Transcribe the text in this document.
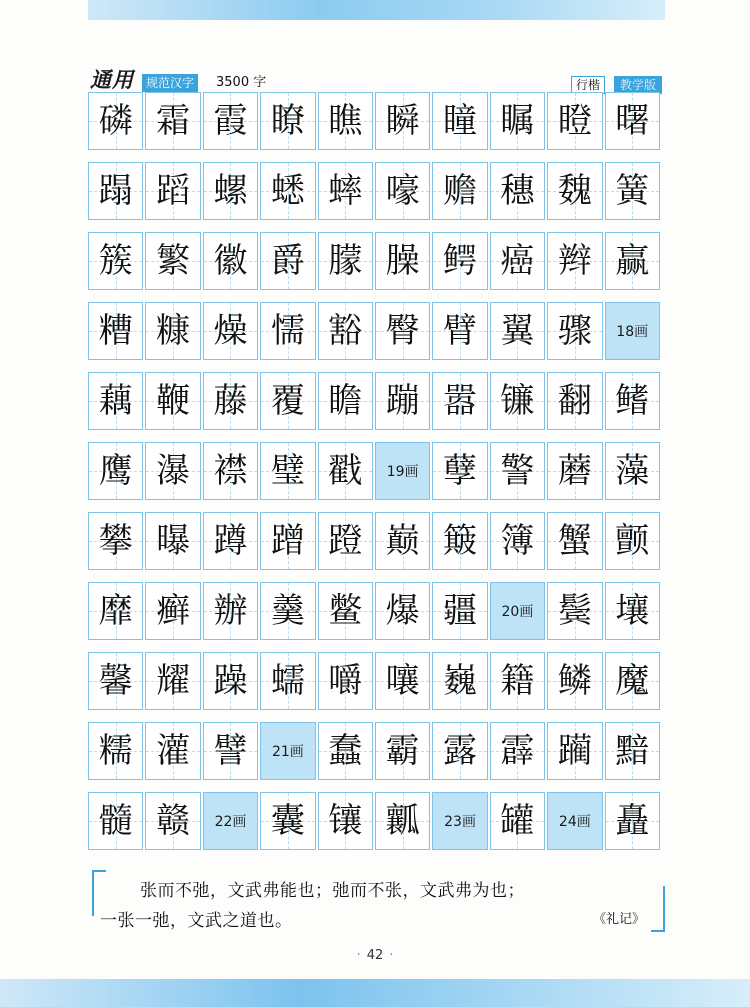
通用	规范汉字	3500 字	行楷	教学版
磷 霜 霞 瞭 瞧 瞬 瞳 瞩 瞪 曙
蹋 蹈 螺 蟋 蟀 嚎 赡 穗 魏 簧
簇 繁 徽 爵 朦 臊 鳄 癌 辫 赢
糟 糠 燥 懦 豁 臀 臂 翼 骤 18画
藕 鞭 藤 覆 瞻 蹦 嚣 镰 翻 鳍
鹰 瀑 襟 璧 戳 19画 孽 警 蘑 藻
攀 曝 蹲 蹭 蹬 巅 簸 簿 蟹 颤
靡 癣 辦 羹 鳖 爆 疆 20画 鬓 壤
馨 耀 躁 蠕 嚼 嚷 巍 籍 鳞 魔
糯 灌 譬 21画 蠢 霸 露 霹 躏 黯
髓 赣 22画 囊 镶 瓤 23画 罐 24画 矗
张而不弛，文武弗能也；弛而不张，文武弗为也；
一张一弛，文武之道也。	《礼记》
· 42 ·
